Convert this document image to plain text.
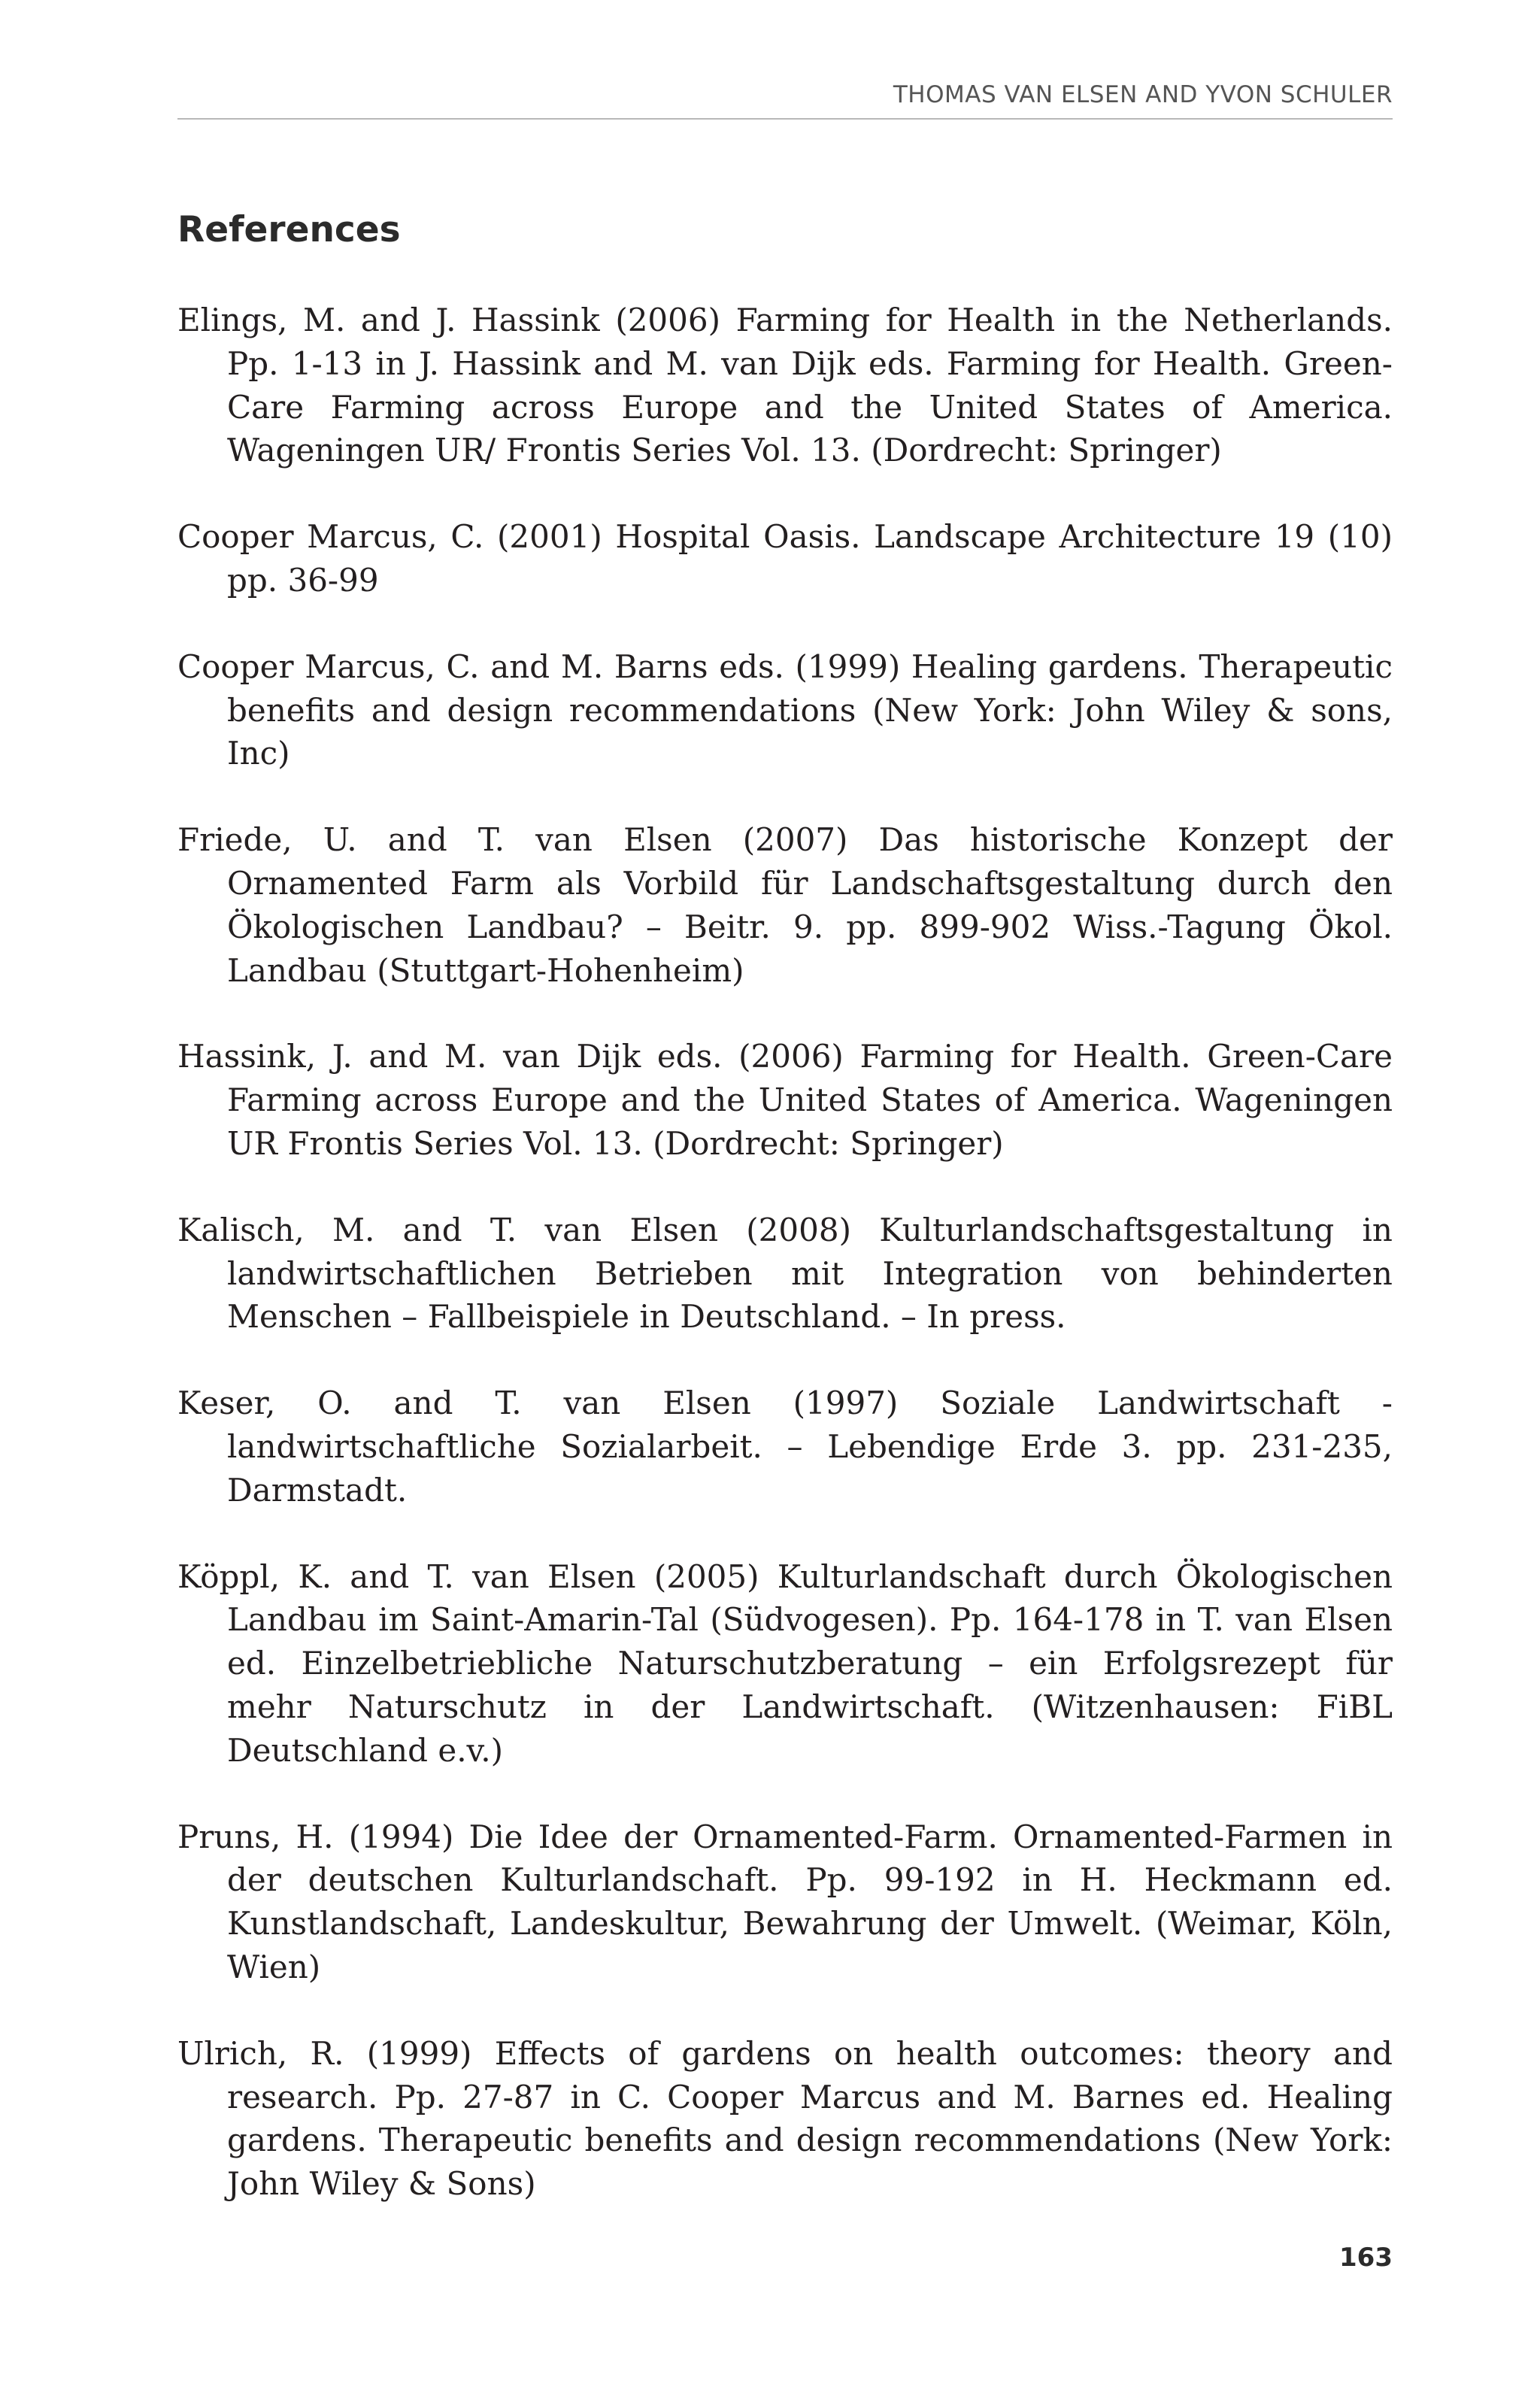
THOMAS VAN ELSEN AND YVON SCHULER
References
Elings, M. and J. Hassink (2006) Farming for Health in the Netherlands. Pp. 1-13 in J. Hassink and M. van Dijk eds. Farming for Health. Green-Care Farming across Europe and the United States of America. Wageningen UR/ Frontis Series Vol. 13. (Dordrecht: Springer)
Cooper Marcus, C. (2001) Hospital Oasis. Landscape Architecture 19 (10) pp. 36-99
Cooper Marcus, C. and M. Barns eds. (1999) Healing gardens. Therapeutic benefits and design recommendations (New York: John Wiley & sons, Inc)
Friede, U. and T. van Elsen (2007) Das historische Konzept der Ornamented Farm als Vorbild für Landschaftsgestaltung durch den Ökologischen Landbau? – Beitr. 9. pp. 899-902 Wiss.-Tagung Ökol. Landbau (Stuttgart-Hohenheim)
Hassink, J. and M. van Dijk eds. (2006) Farming for Health. Green-Care Farming across Europe and the United States of America. Wageningen UR Frontis Series Vol. 13. (Dordrecht: Springer)
Kalisch, M. and T. van Elsen (2008) Kulturlandschaftsgestaltung in landwirtschaftlichen Betrieben mit Integration von behinderten Menschen – Fallbeispiele in Deutschland. – In press.
Keser, O. and T. van Elsen (1997) Soziale Landwirtschaft - landwirtschaftliche Sozialarbeit. – Lebendige Erde 3. pp. 231-235, Darmstadt.
Köppl, K. and T. van Elsen (2005) Kulturlandschaft durch Ökologischen Landbau im Saint-Amarin-Tal (Südvogesen). Pp. 164-178 in T. van Elsen ed. Einzelbetriebliche Naturschutzberatung – ein Erfolgsrezept für mehr Naturschutz in der Landwirtschaft. (Witzenhausen: FiBL Deutschland e.v.)
Pruns, H. (1994) Die Idee der Ornamented-Farm. Ornamented-Farmen in der deutschen Kulturlandschaft. Pp. 99-192 in H. Heckmann ed. Kunstlandschaft, Landeskultur, Bewahrung der Umwelt. (Weimar, Köln, Wien)
Ulrich, R. (1999) Effects of gardens on health outcomes: theory and research. Pp. 27-87 in C. Cooper Marcus and M. Barnes ed. Healing gardens. Therapeutic benefits and design recommendations (New York: John Wiley & Sons)
163
